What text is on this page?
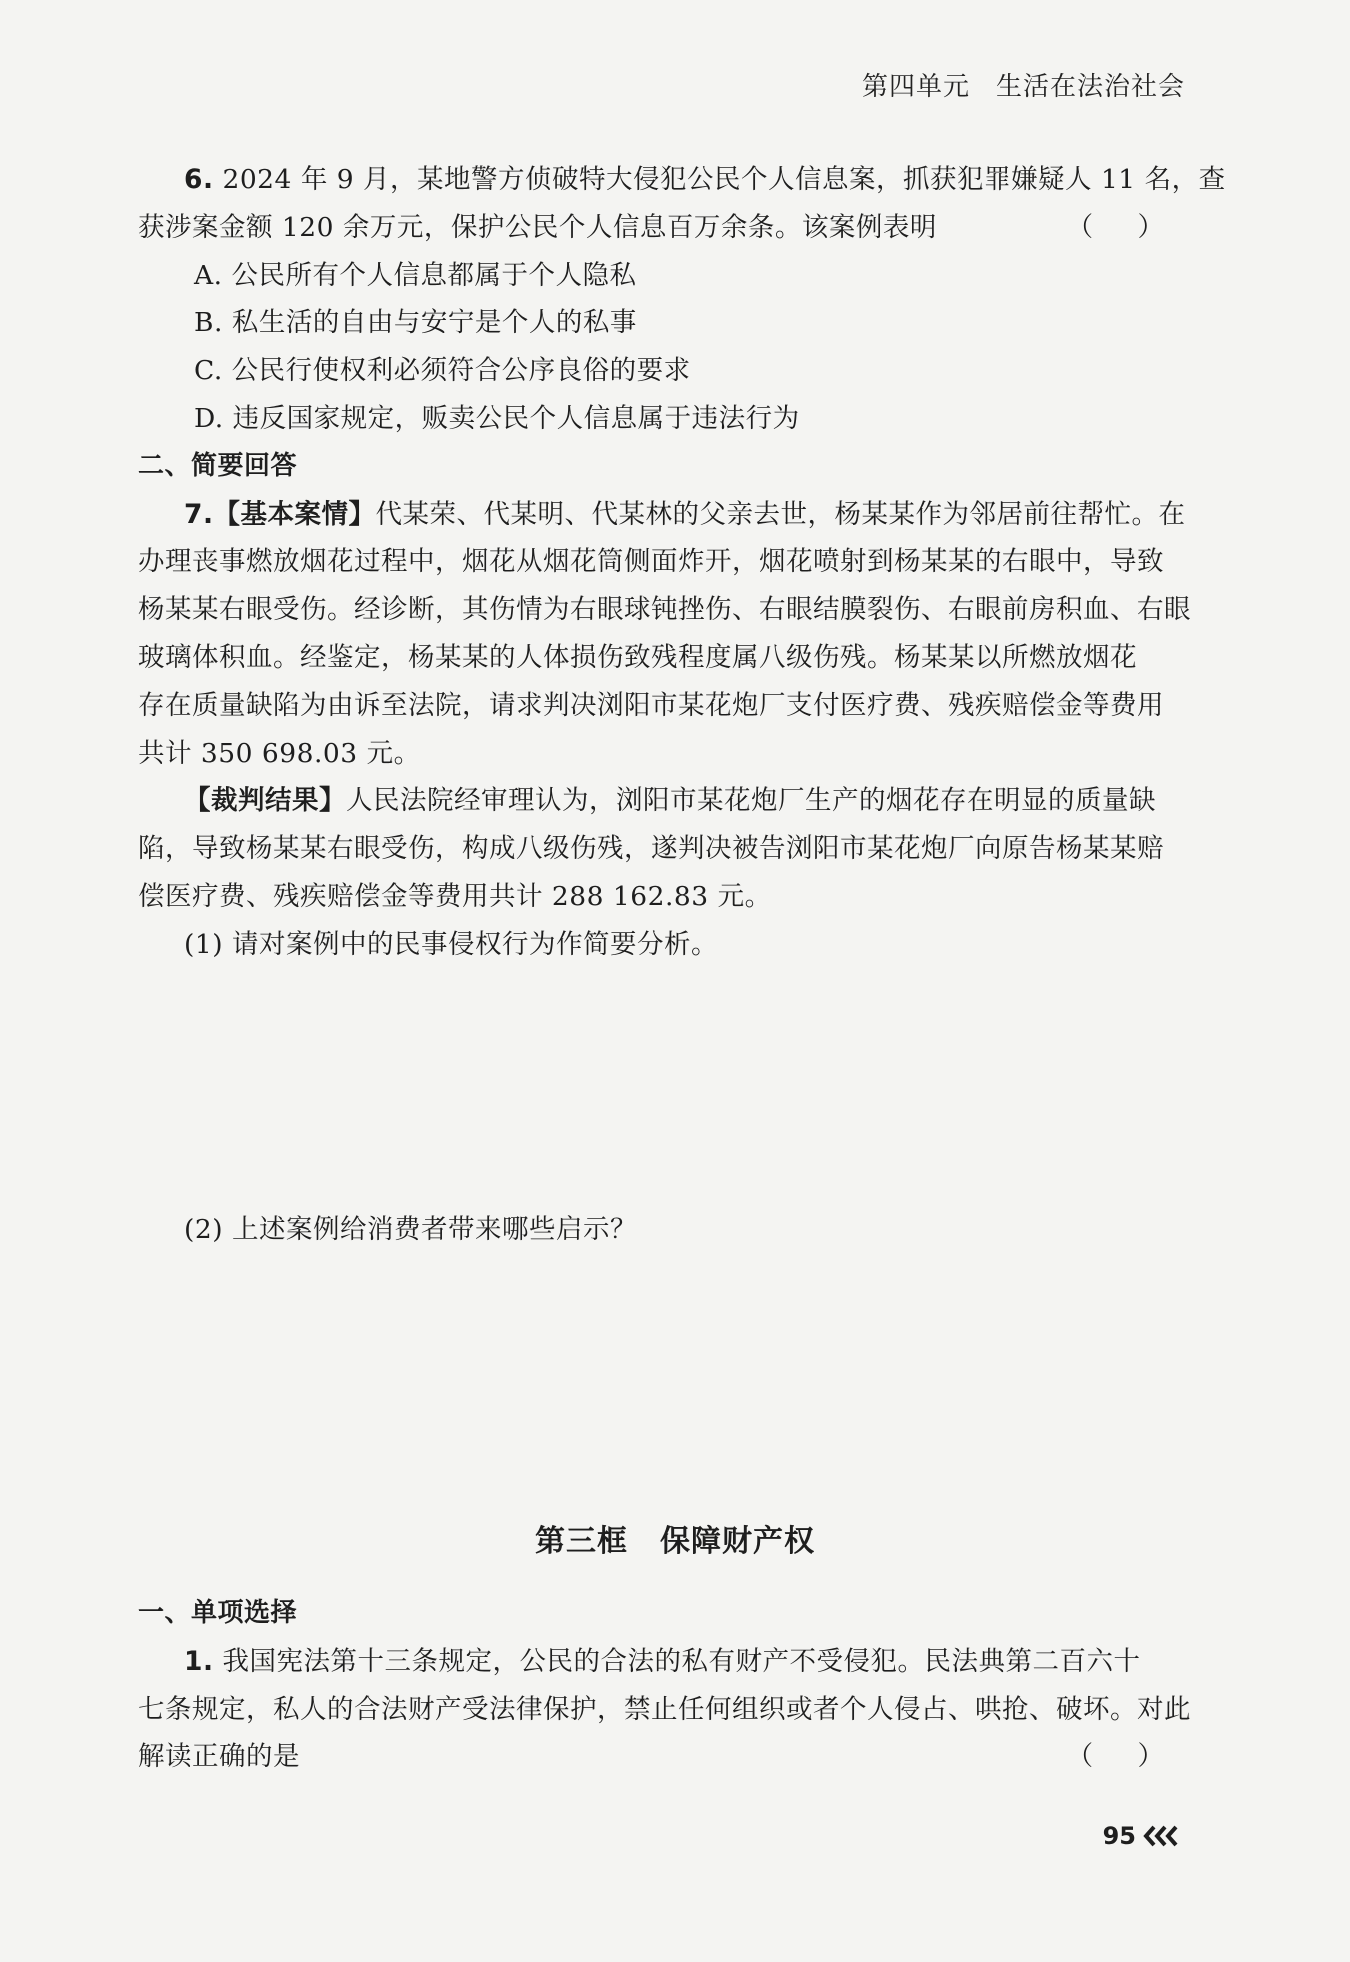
第四单元 生活在法治社会
6. 2024 年 9 月，某地警方侦破特大侵犯公民个人信息案，抓获犯罪嫌疑人 11 名，查
获涉案金额 120 余万元，保护公民个人信息百万余条。该案例表明	（ ）
A. 公民所有个人信息都属于个人隐私
B. 私生活的自由与安宁是个人的私事
C. 公民行使权利必须符合公序良俗的要求
D. 违反国家规定，贩卖公民个人信息属于违法行为
二、简要回答
7.【基本案情】代某荣、代某明、代某林的父亲去世，杨某某作为邻居前往帮忙。在
办理丧事燃放烟花过程中，烟花从烟花筒侧面炸开，烟花喷射到杨某某的右眼中，导致
杨某某右眼受伤。经诊断，其伤情为右眼球钝挫伤、右眼结膜裂伤、右眼前房积血、右眼
玻璃体积血。经鉴定，杨某某的人体损伤致残程度属八级伤残。杨某某以所燃放烟花
存在质量缺陷为由诉至法院，请求判决浏阳市某花炮厂支付医疗费、残疾赔偿金等费用
共计 350 698.03 元。
【裁判结果】人民法院经审理认为，浏阳市某花炮厂生产的烟花存在明显的质量缺
陷，导致杨某某右眼受伤，构成八级伤残，遂判决被告浏阳市某花炮厂向原告杨某某赔
偿医疗费、残疾赔偿金等费用共计 288 162.83 元。
(1) 请对案例中的民事侵权行为作简要分析。
(2) 上述案例给消费者带来哪些启示？
第三框 保障财产权
一、单项选择
1. 我国宪法第十三条规定，公民的合法的私有财产不受侵犯。民法典第二百六十
七条规定，私人的合法财产受法律保护，禁止任何组织或者个人侵占、哄抢、破坏。对此
解读正确的是	（ ）
95
